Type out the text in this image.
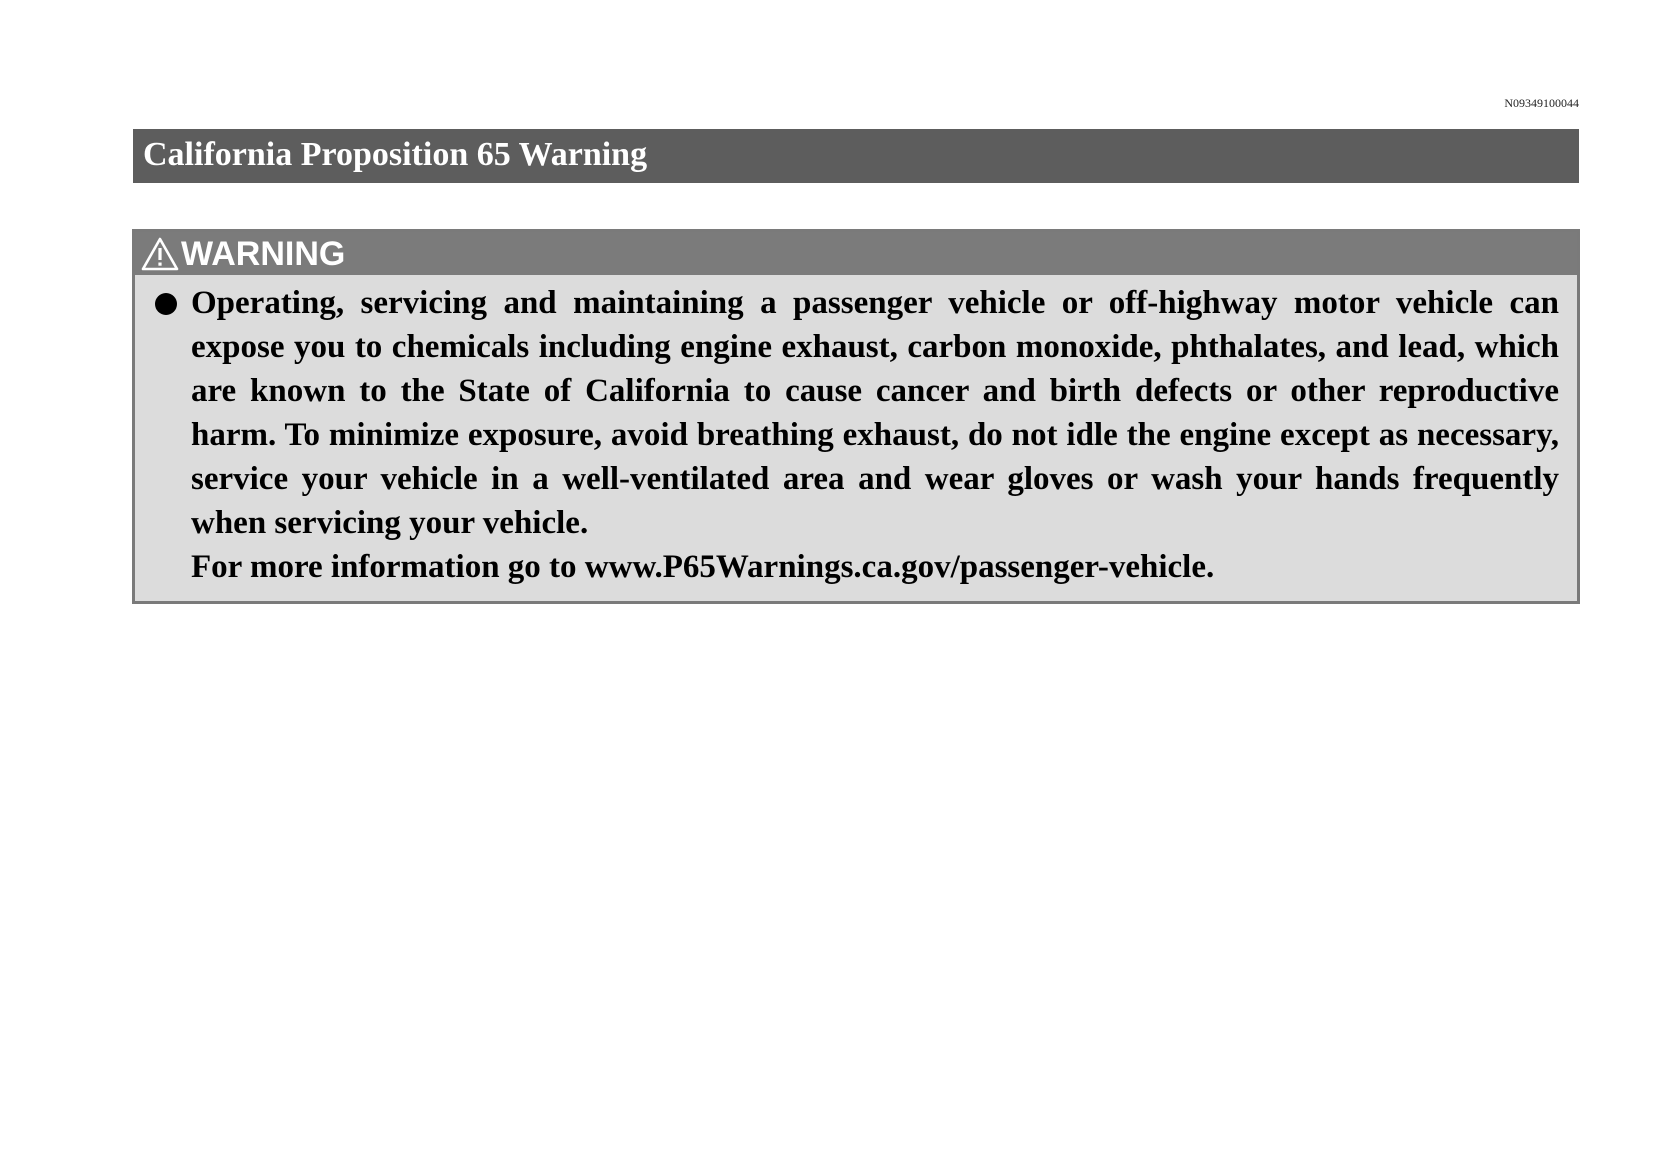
N09349100044
California Proposition 65 Warning
WARNING

Operating, servicing and maintaining a passenger vehicle or off-highway motor vehicle can expose you to chemicals including engine exhaust, carbon monoxide, phthalates, and lead, which are known to the State of California to cause cancer and birth defects or other reproductive harm. To minimize exposure, avoid breathing exhaust, do not idle the engine except as necessary, service your vehicle in a well-ventilated area and wear gloves or wash your hands frequently when servicing your vehicle.

For more information go to www.P65Warnings.ca.gov/passenger-vehicle.
